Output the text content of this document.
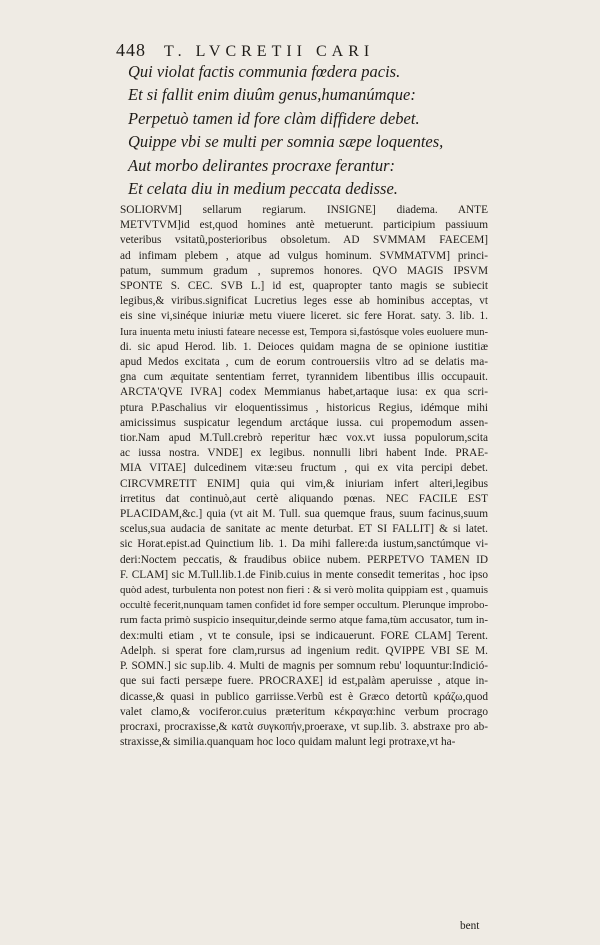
448 T. LVCRETII CARI
Qui violat factis communia fœdera pacis.
Et si fallit enim diuûm genus,humanúmque:
Perpetuò tamen id fore clàm diffidere debet.
Quippe vbi se multi per somnia sæpe loquentes,
Aut morbo delirantes procraxe ferantur:
Et celata diu in medium peccata dedisse.
SOLIORVM] sellarum regiarum. INSIGNE] diadema. ANTE
METVTVM]id est,quod homines antè metuerunt. participium passiuum
veteribus vsitatũ,posterioribus obsoletum. AD SVMMAM FAECEM]
ad infimam plebem , atque ad vulgus hominum. SVMMATVM] princi-
patum, summum gradum , supremos honores. QVO MAGIS IPSVM
SPONTE S. CEC. SVB L.] id est, quapropter tanto magis se subiecit
legibus,& viribus.significat Lucretius leges esse ab hominibus acceptas, vt
eis sine vi,sinéque iniuriæ metu viuere liceret. sic fere Horat. saty. 3. lib. 1.
Iura inuenta metu iniusti fateare necesse est, Tempora si,fastósque voles euoluere mun-
di. sic apud Herod. lib. 1. Deioces quidam magna de se opinione iustitiæ
apud Medos excitata , cum de eorum controuersiis vltro ad se delatis ma-
gna cum æquitate sententiam ferret, tyrannidem libentibus illis occupauit.
ARCTA'QVE IVRA] codex Memmianus habet,artaque iusa: ex qua scri-
ptura P.Paschalius vir eloquentissimus , historicus Regius, idémque mihi
amicissimus suspicatur legendum arctáque iussa. cui propemodum assen-
tior.Nam apud M.Tull.crebrò reperitur hæc vox.vt iussa populorum,scita
ac iussa nostra. VNDE] ex legibus. nonnulli libri habent Inde. PRAE-
MIA VITAE] dulcedinem vitæ:seu fructum , qui ex vita percipi debet.
CIRCVMRETIT ENIM] quia qui vim,& iniuriam infert alteri,legibus
irretitus dat continuò,aut certè aliquando pœnas. NEC FACILE EST
PLACIDAM,&c.] quia (vt ait M. Tull. sua quemque fraus, suum facinus,suum
scelus,sua audacia de sanitate ac mente deturbat. ET SI FALLIT] & si latet.
sic Horat.epist.ad Quinctium lib. 1. Da mihi fallere:da iustum,sanctúmque vi-
deri:Noctem peccatis, & fraudibus obiice nubem. PERPETVO TAMEN ID
F. CLAM] sic M.Tull.lib.1.de Finib.cuius in mente consedit temeritas , hoc ipso
quòd adest, turbulenta non potest non fieri : & si verò molita quippiam est , quamuis
occultè fecerit,nunquam tamen confidet id fore semper occultum. Plerunque improbo-
rum facta primò suspicio insequitur,deinde sermo atque fama,tùm accusator, tum in-
dex:multi etiam , vt te consule, ipsi se indicauerunt. FORE CLAM] Terent.
Adelph. si sperat fore clam,rursus ad ingenium redit. QVIPPE VBI SE M.
P. SOMN.] sic sup.lib. 4. Multi de magnis per somnum rebu' loquuntur:Indició-
que sui facti persæpe fuere. PROCRAXE] id est,palàm aperuisse , atque in-
dicasse,& quasi in publico garriisse.Verbũ est è Græco detortũ κράζω,quod
valet clamo,& vociferor.cuius præteritum κέκραγα:hinc verbum procrago
procraxi, procraxisse,& κατὰ συγκοπήν,proeraxe, vt sup.lib. 3. abstraxe pro ab-
straxisse,& similia.quanquam hoc loco quidam malunt legi protraxe,vt ha-
bent
